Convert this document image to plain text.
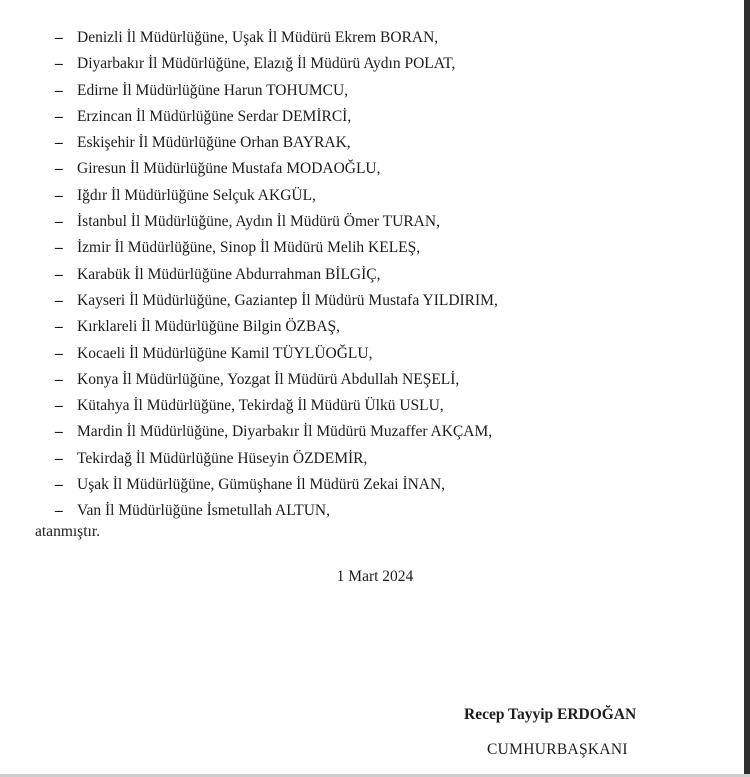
– Denizli İl Müdürlüğüne, Uşak İl Müdürü Ekrem BORAN,
– Diyarbakır İl Müdürlüğüne, Elazığ İl Müdürü Aydın POLAT,
– Edirne İl Müdürlüğüne Harun TOHUMCU,
– Erzincan İl Müdürlüğüne Serdar DEMİRCİ,
– Eskişehir İl Müdürlüğüne Orhan BAYRAK,
– Giresun İl Müdürlüğüne Mustafa MODAOĞLU,
– Iğdır İl Müdürlüğüne Selçuk AKGÜL,
– İstanbul İl Müdürlüğüne, Aydın İl Müdürü Ömer TURAN,
– İzmir İl Müdürlüğüne, Sinop İl Müdürü Melih KELEŞ,
– Karabük İl Müdürlüğüne Abdurrahman BİLGİÇ,
– Kayseri İl Müdürlüğüne, Gaziantep İl Müdürü Mustafa YILDIRIM,
– Kırklareli İl Müdürlüğüne Bilgin ÖZBAŞ,
– Kocaeli İl Müdürlüğüne Kamil TÜYLÜOĞLU,
– Konya İl Müdürlüğüne, Yozgat İl Müdürü Abdullah NEŞELİ,
– Kütahya İl Müdürlüğüne, Tekirdağ İl Müdürü Ülkü USLU,
– Mardin İl Müdürlüğüne, Diyarbakır İl Müdürü Muzaffer AKÇAM,
– Tekirdağ İl Müdürlüğüne Hüseyin ÖZDEMİR,
– Uşak İl Müdürlüğüne, Gümüşhane İl Müdürü Zekai İNAN,
– Van İl Müdürlüğüne İsmetullah ALTUN,
atanmıştır.
1 Mart 2024
Recep Tayyip ERDOĞAN
CUMHURBAŞKANI
